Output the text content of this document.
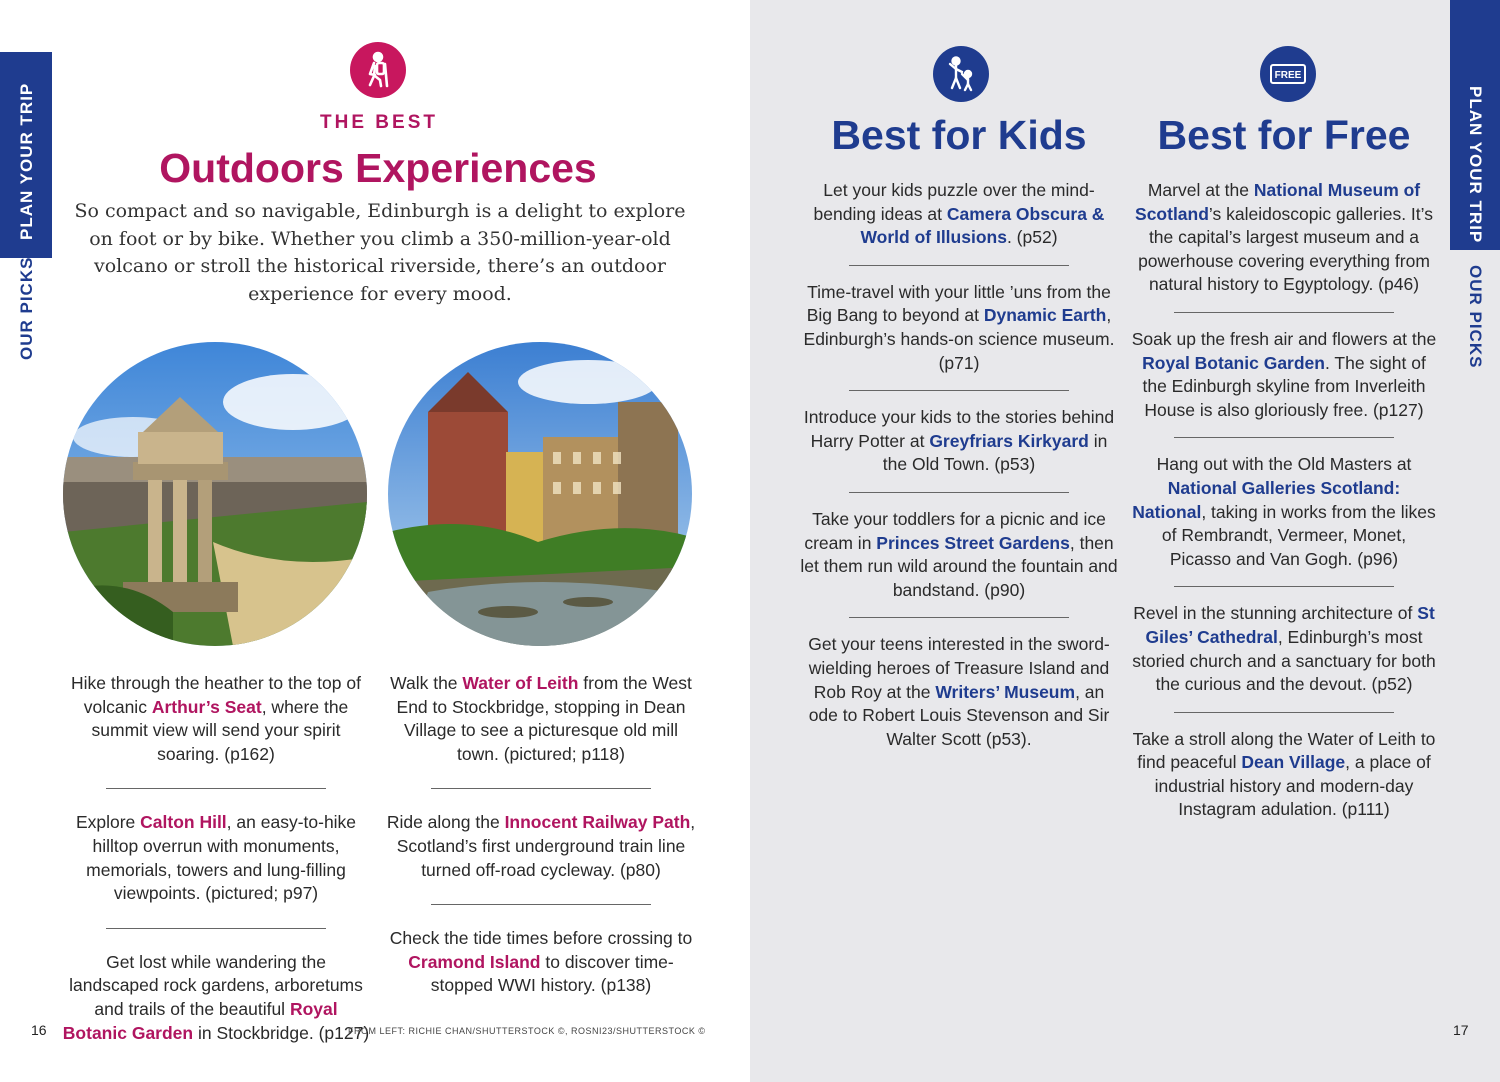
PLAN YOUR TRIP
OUR PICKS
PLAN YOUR TRIP
OUR PICKS
THE BEST
Outdoors Experiences
So compact and so navigable, Edinburgh is a delight to explore on foot or by bike. Whether you climb a 350-million-year-old volcano or stroll the historical riverside, there’s an outdoor experience for every mood.
Hike through the heather to the top of volcanic Arthur’s Seat, where the summit view will send your spirit soaring. (p162)
Explore Calton Hill, an easy-to-hike hilltop overrun with monuments, memorials, towers and lung-filling viewpoints. (pictured; p97)
Get lost while wandering the landscaped rock gardens, arboretums and trails of the beautiful Royal Botanic Garden in Stockbridge. (p127)
Walk the Water of Leith from the West End to Stockbridge, stopping in Dean Village to see a picturesque old mill town. (pictured; p118)
Ride along the Innocent Railway Path, Scotland’s first underground train line turned off-road cycleway. (p80)
Check the tide times before crossing to Cramond Island to discover time-stopped WWI history. (p138)
16	FROM LEFT: RICHIE CHAN/SHUTTERSTOCK ©, ROSNI23/SHUTTERSTOCK ©
FREE
Best for Kids	Best for Free
Let your kids puzzle over the mind-bending ideas at Camera Obscura & World of Illusions. (p52)
Time-travel with your little ’uns from the Big Bang to beyond at Dynamic Earth, Edinburgh’s hands-on science museum. (p71)
Introduce your kids to the stories behind Harry Potter at Greyfriars Kirkyard in the Old Town. (p53)
Take your toddlers for a picnic and ice cream in Princes Street Gardens, then let them run wild around the fountain and bandstand. (p90)
Get your teens interested in the sword-wielding heroes of Treasure Island and Rob Roy at the Writers’ Museum, an ode to Robert Louis Stevenson and Sir Walter Scott (p53).
Marvel at the National Museum of Scotland’s kaleidoscopic galleries. It’s the capital’s largest museum and a powerhouse covering everything from natural history to Egyptology. (p46)
Soak up the fresh air and flowers at the Royal Botanic Garden. The sight of the Edinburgh skyline from Inverleith House is also gloriously free. (p127)
Hang out with the Old Masters at National Galleries Scotland: National, taking in works from the likes of Rembrandt, Vermeer, Monet, Picasso and Van Gogh. (p96)
Revel in the stunning architecture of St Giles’ Cathedral, Edinburgh’s most storied church and a sanctuary for both the curious and the devout. (p52)
Take a stroll along the Water of Leith to find peaceful Dean Village, a place of industrial history and modern-day Instagram adulation. (p111)
17
